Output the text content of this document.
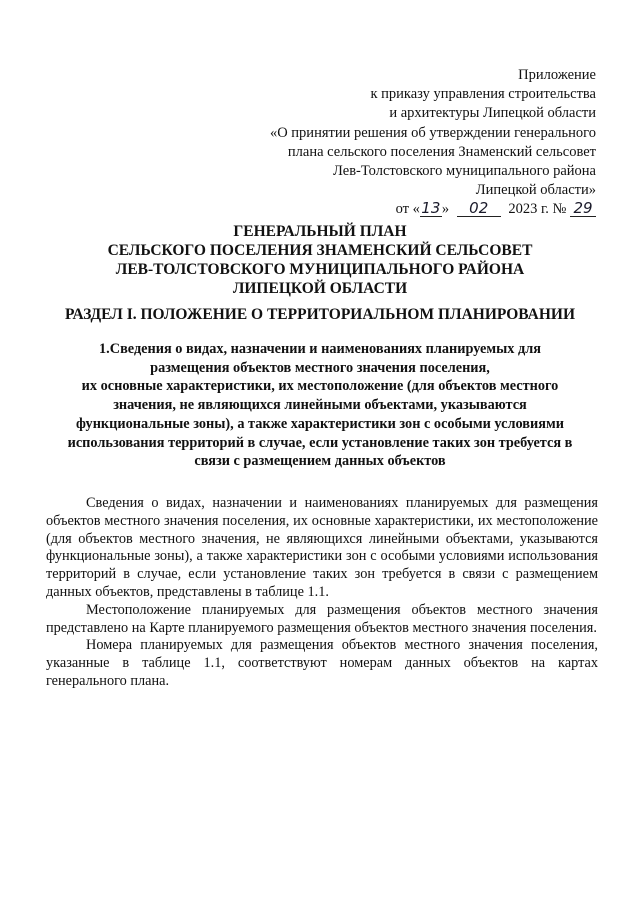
Приложение
к приказу управления строительства
и архитектуры Липецкой области
«О принятии решения об утверждении генерального
плана сельского поселения Знаменский сельсовет
Лев-Толстовского муниципального района
Липецкой области»
от «13» 02 2023 г. № 29
ГЕНЕРАЛЬНЫЙ ПЛАН
СЕЛЬСКОГО ПОСЕЛЕНИЯ ЗНАМЕНСКИЙ СЕЛЬСОВЕТ
ЛЕВ-ТОЛСТОВСКОГО МУНИЦИПАЛЬНОГО РАЙОНА
ЛИПЕЦКОЙ ОБЛАСТИ
РАЗДЕЛ I. ПОЛОЖЕНИЕ О ТЕРРИТОРИАЛЬНОМ ПЛАНИРОВАНИИ
1.Сведения о видах, назначении и наименованиях планируемых для
размещения объектов местного значения поселения,
их основные характеристики, их местоположение (для объектов местного
значения, не являющихся линейными объектами, указываются
функциональные зоны), а также характеристики зон с особыми условиями
использования территорий в случае, если установление таких зон требуется в
связи с размещением данных объектов

Сведения о видах, назначении и наименованиях планируемых для размещения объектов местного значения поселения, их основные характеристики, их местоположение (для объектов местного значения, не являющихся линейными объектами, указываются функциональные зоны), а также характеристики зон с особыми условиями использования территорий в случае, если установление таких зон требуется в связи с размещением данных объектов, представлены в таблице 1.1.

Местоположение планируемых для размещения объектов местного значения представлено на Карте планируемого размещения объектов местного значения поселения.

Номера планируемых для размещения объектов местного значения поселения, указанные в таблице 1.1, соответствуют номерам данных объектов на картах генерального плана.
